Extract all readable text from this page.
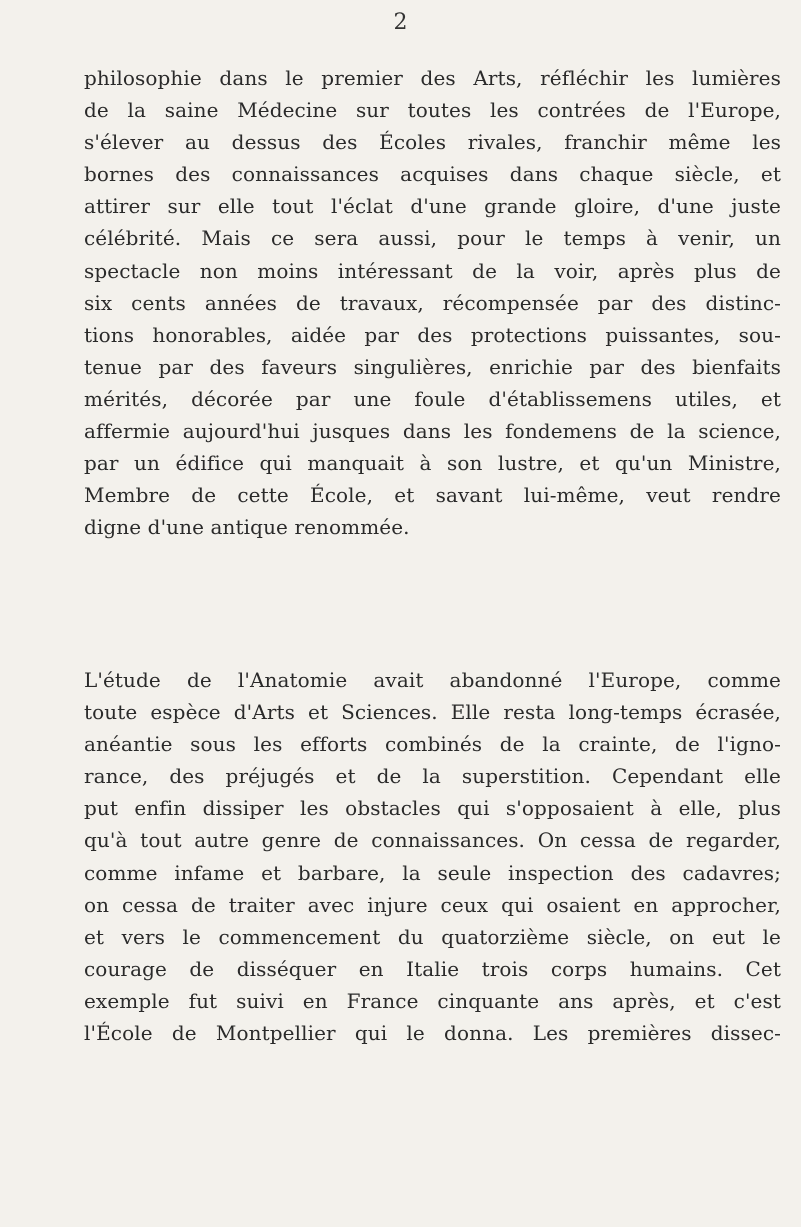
2
philosophie dans le premier des Arts, réfléchir les lumières
de la saine Médecine sur toutes les contrées de l'Europe,
s'élever au dessus des Écoles rivales, franchir même les
bornes des connaissances acquises dans chaque siècle, et
attirer sur elle tout l'éclat d'une grande gloire, d'une juste
célébrité. Mais ce sera aussi, pour le temps à venir, un
spectacle non moins intéressant de la voir, après plus de
six cents années de travaux, récompensée par des distinc-
tions honorables, aidée par des protections puissantes, sou-
tenue par des faveurs singulières, enrichie par des bienfaits
mérités, décorée par une foule d'établissemens utiles, et
affermie aujourd'hui jusques dans les fondemens de la science,
par un édifice qui manquait à son lustre, et qu'un Ministre,
Membre de cette École, et savant lui-même, veut rendre
digne d'une antique renommée.
L'étude de l'Anatomie avait abandonné l'Europe, comme
toute espèce d'Arts et Sciences. Elle resta long-temps écrasée,
anéantie sous les efforts combinés de la crainte, de l'igno-
rance, des préjugés et de la superstition. Cependant elle
put enfin dissiper les obstacles qui s'opposaient à elle, plus
qu'à tout autre genre de connaissances. On cessa de regarder,
comme infame et barbare, la seule inspection des cadavres;
on cessa de traiter avec injure ceux qui osaient en approcher,
et vers le commencement du quatorzième siècle, on eut le
courage de disséquer en Italie trois corps humains. Cet
exemple fut suivi en France cinquante ans après, et c'est
l'École de Montpellier qui le donna. Les premières dissec-
